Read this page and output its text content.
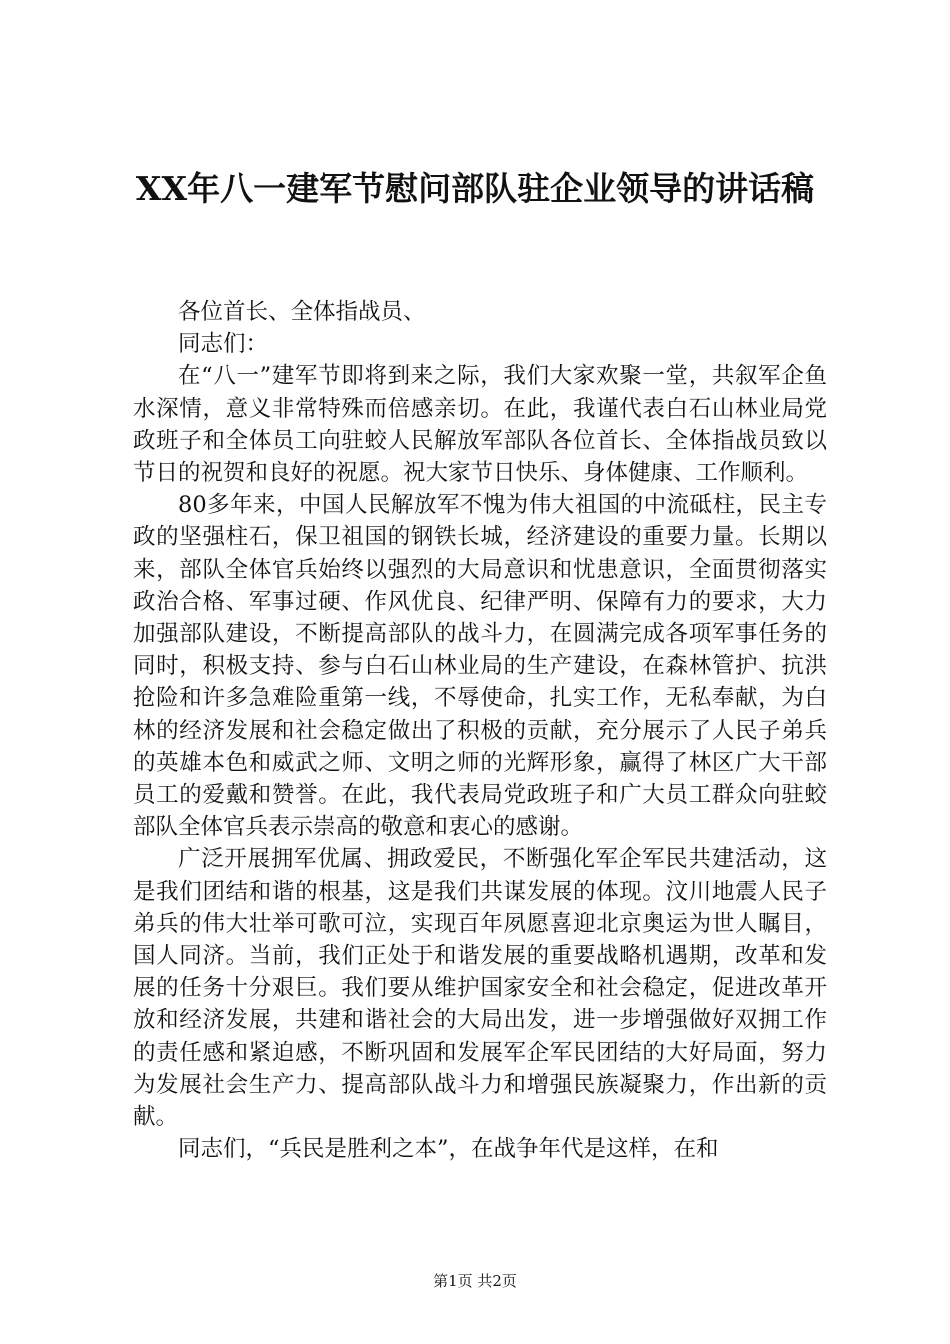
XX年八一建军节慰问部队驻企业领导的讲话稿

各位首长、全体指战员、

同志们：

在“八一”建军节即将到来之际，我们大家欢聚一堂，共叙军企鱼水深情，意义非常特殊而倍感亲切。在此，我谨代表白石山林业局党政班子和全体员工向驻蛟人民解放军部队各位首长、全体指战员致以节日的祝贺和良好的祝愿。祝大家节日快乐、身体健康、工作顺利。

80多年来，中国人民解放军不愧为伟大祖国的中流砥柱，民主专政的坚强柱石，保卫祖国的钢铁长城，经济建设的重要力量。长期以来，部队全体官兵始终以强烈的大局意识和忧患意识，全面贯彻落实政治合格、军事过硬、作风优良、纪律严明、保障有力的要求，大力加强部队建设，不断提高部队的战斗力，在圆满完成各项军事任务的同时，积极支持、参与白石山林业局的生产建设，在森林管护、抗洪抢险和许多急难险重第一线，不辱使命，扎实工作，无私奉献，为白林的经济发展和社会稳定做出了积极的贡献，充分展示了人民子弟兵的英雄本色和威武之师、文明之师的光辉形象，赢得了林区广大干部员工的爱戴和赞誉。在此，我代表局党政班子和广大员工群众向驻蛟部队全体官兵表示崇高的敬意和衷心的感谢。

广泛开展拥军优属、拥政爱民，不断强化军企军民共建活动，这是我们团结和谐的根基，这是我们共谋发展的体现。汶川地震人民子弟兵的伟大壮举可歌可泣，实现百年夙愿喜迎北京奥运为世人瞩目，国人同济。当前，我们正处于和谐发展的重要战略机遇期，改革和发展的任务十分艰巨。我们要从维护国家安全和社会稳定，促进改革开放和经济发展，共建和谐社会的大局出发，进一步增强做好双拥工作的责任感和紧迫感，不断巩固和发展军企军民团结的大好局面，努力为发展社会生产力、提高部队战斗力和增强民族凝聚力，作出新的贡献。

同志们，“兵民是胜利之本”，在战争年代是这样，在和

第1页 共2页
